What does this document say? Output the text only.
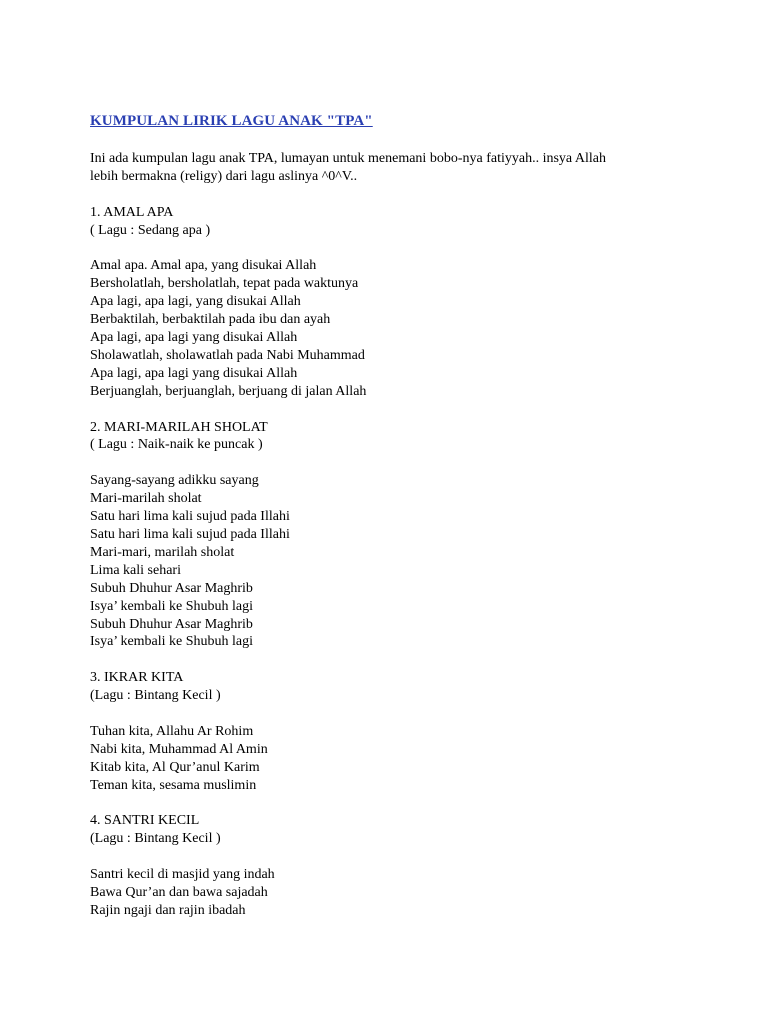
KUMPULAN LIRIK LAGU ANAK "TPA"
Ini ada kumpulan lagu anak TPA, lumayan untuk menemani bobo-nya fatiyyah.. insya Allah
lebih bermakna (religy) dari lagu aslinya ^0^V..
1. AMAL APA
( Lagu : Sedang apa )
Amal apa. Amal apa, yang disukai Allah
Bersholatlah, bersholatlah, tepat pada waktunya
Apa lagi, apa lagi, yang disukai Allah
Berbaktilah, berbaktilah pada ibu dan ayah
Apa lagi, apa lagi yang disukai Allah
Sholawatlah, sholawatlah pada Nabi Muhammad
Apa lagi, apa lagi yang disukai Allah
Berjuanglah, berjuanglah, berjuang di jalan Allah
2. MARI-MARILAH SHOLAT
( Lagu : Naik-naik ke puncak )
Sayang-sayang adikku sayang
Mari-marilah sholat
Satu hari lima kali sujud pada Illahi
Satu hari lima kali sujud pada Illahi
Mari-mari, marilah sholat
Lima kali sehari
Subuh Dhuhur Asar Maghrib
Isya’ kembali ke Shubuh lagi
Subuh Dhuhur Asar Maghrib
Isya’ kembali ke Shubuh lagi
3. IKRAR KITA
(Lagu : Bintang Kecil )
Tuhan kita, Allahu Ar Rohim
Nabi kita, Muhammad Al Amin
Kitab kita, Al Qur’anul Karim
Teman kita, sesama muslimin
4. SANTRI KECIL
(Lagu : Bintang Kecil )
Santri kecil di masjid yang indah
Bawa Qur’an dan bawa sajadah
Rajin ngaji dan rajin ibadah
